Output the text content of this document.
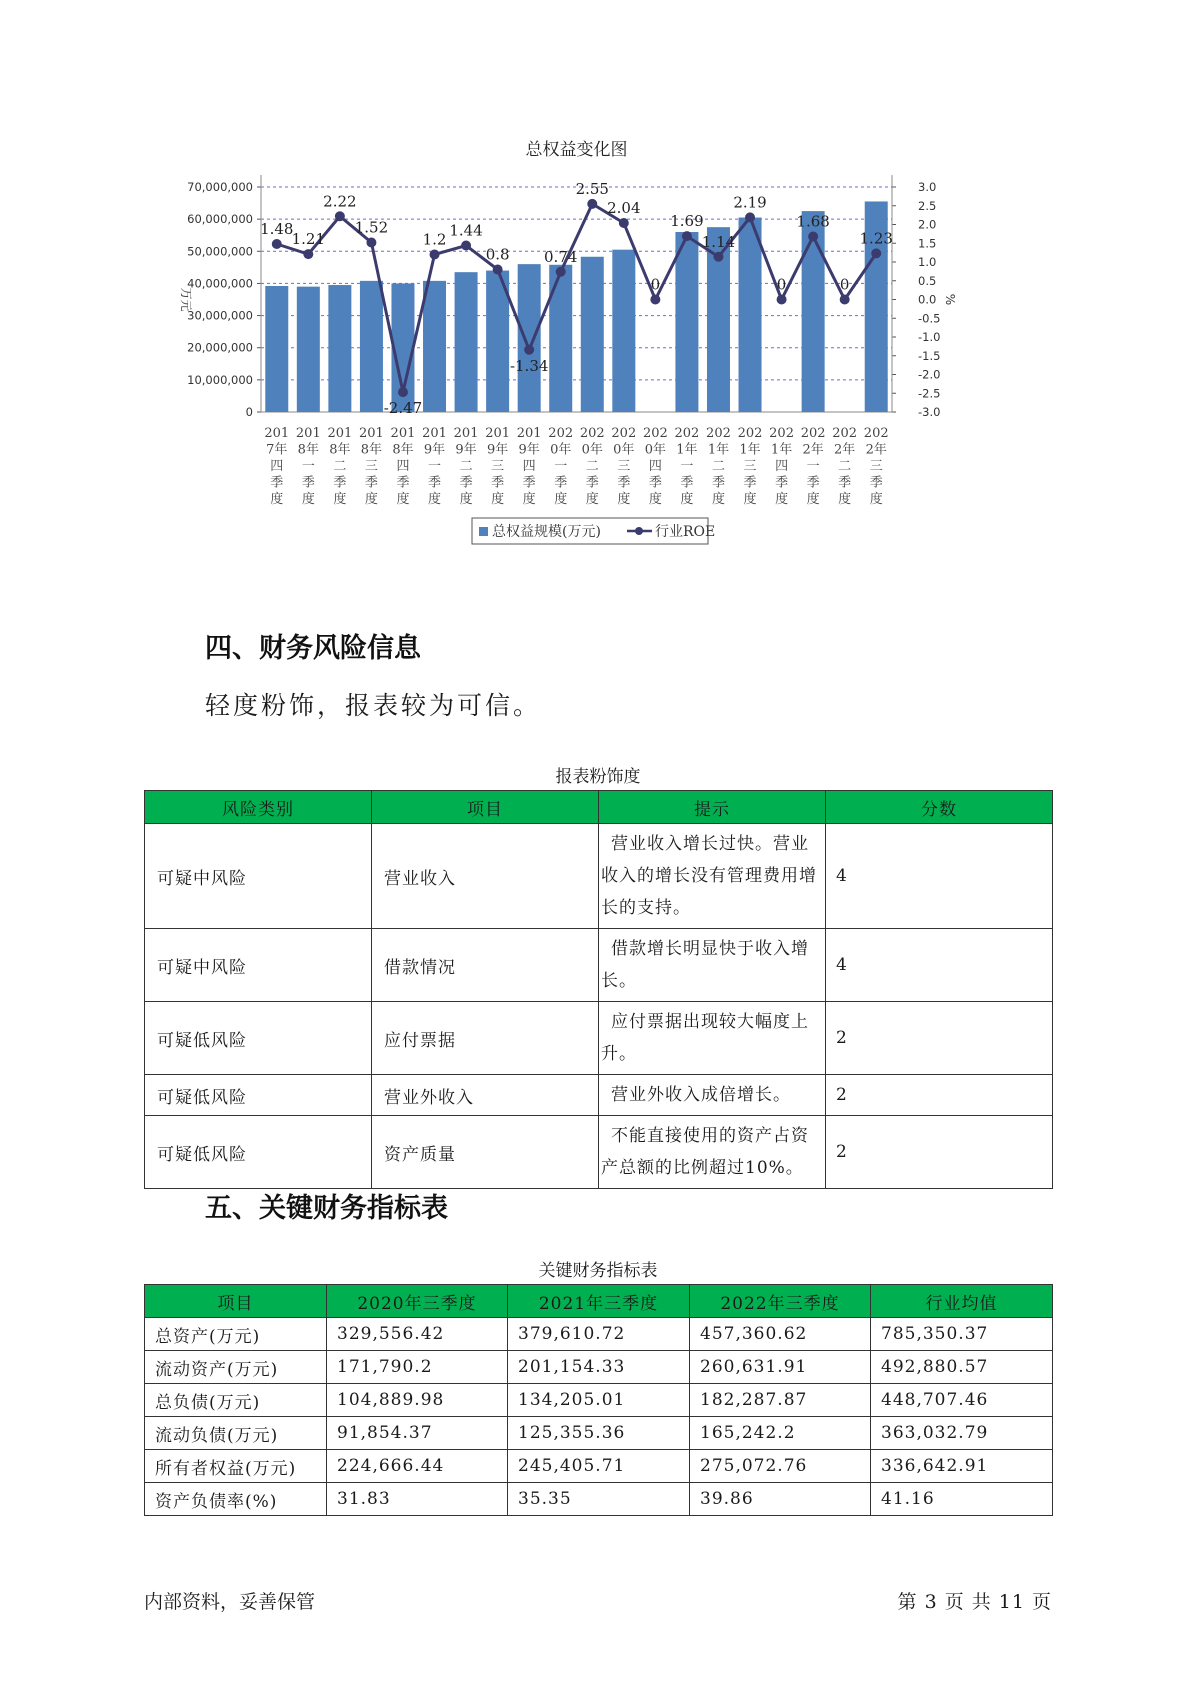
总权益变化图
70,000,000
60,000,000
50,000,000
40,000,000
30,000,000
20,000,000
10,000,000
0
3.0
2.5
2.0
1.5
1.0
0.5
0.0
-0.5
-1.0
-1.5
-2.0
-2.5
-3.0
万元	%
201
7年
四
季
度
201
8年
一
季
度
201
8年
二
季
度
201
8年
三
季
度
201
8年
四
季
度
201
9年
一
季
度
201
9年
二
季
度
201
9年
三
季
度
201
9年
四
季
度
202
0年
一
季
度
202
0年
二
季
度
202
0年
三
季
度
202
0年
四
季
度
202
1年
一
季
度
202
1年
二
季
度
202
1年
三
季
度
202
1年
四
季
度
202
2年
一
季
度
202
2年
二
季
度
202
2年
三
季
度
1.48
1.21
2.22
1.52
-2.47
1.2 1.44
0.8
-1.34
0.74
2.55
2.04
0
1.69
1.14
2.19
0
1.68
0
1.23
总权益规模(万元)	行业ROE
四、财务风险信息

轻度粉饰，报表较为可信。

报表粉饰度

风险类别	项目	提示	分数
可疑中风险	营业收入	营业收入增长过快。营业收入的增长没有管理费用增长的支持。	4
可疑中风险	借款情况	借款增长明显快于收入增长。	4
可疑低风险	应付票据	应付票据出现较大幅度上升。	2
可疑低风险	营业外收入	营业外收入成倍增长。	2
可疑低风险	资产质量	不能直接使用的资产占资产总额的比例超过10%。	2
五、关键财务指标表

关键财务指标表

项目	2020年三季度	2021年三季度	2022年三季度	行业均值
总资产(万元)	329,556.42	379,610.72	457,360.62	785,350.37
流动资产(万元)	171,790.2	201,154.33	260,631.91	492,880.57
总负债(万元)	104,889.98	134,205.01	182,287.87	448,707.46
流动负债(万元)	91,854.37	125,355.36	165,242.2	363,032.79
所有者权益(万元)	224,666.44	245,405.71	275,072.76	336,642.91
资产负债率(%)	31.83	35.35	39.86	41.16

内部资料，妥善保管	第 3 页 共 11 页
